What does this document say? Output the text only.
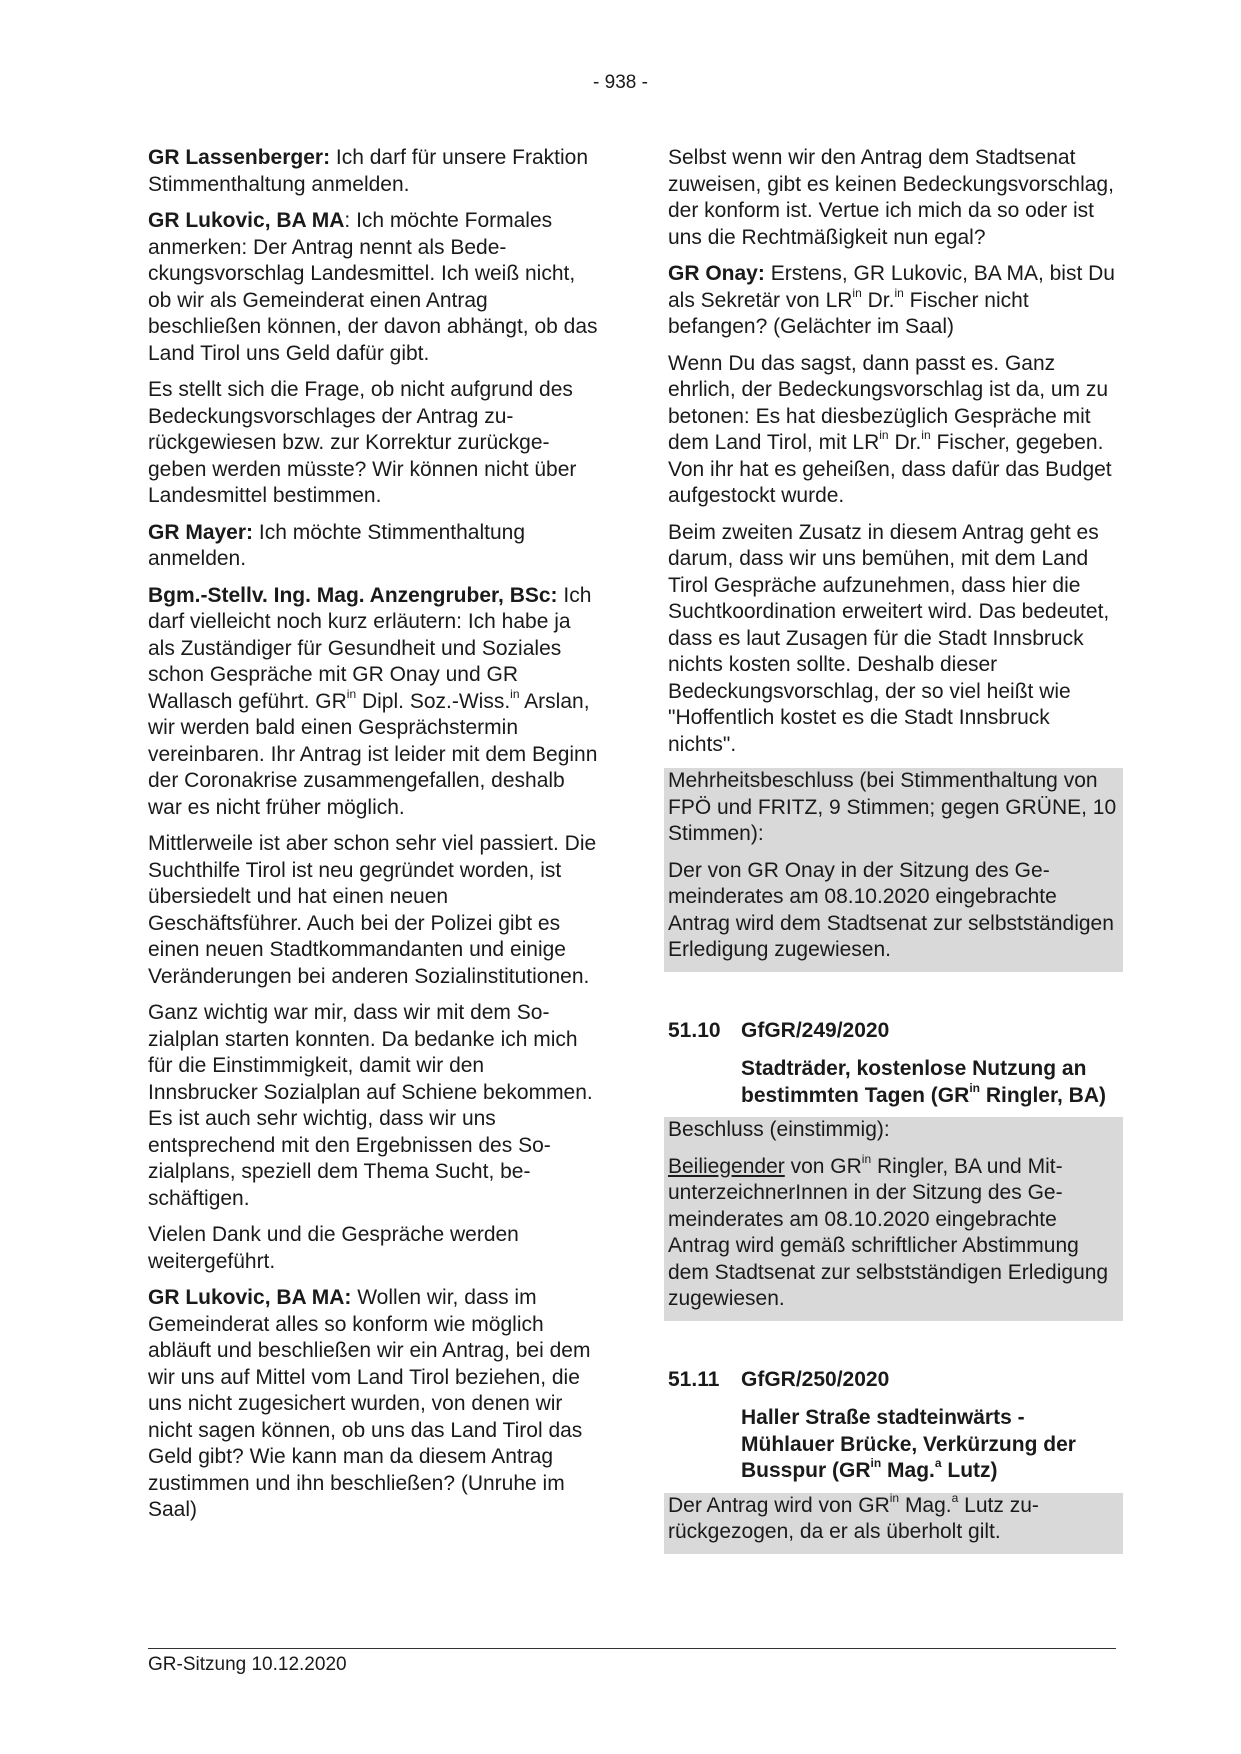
- 938 -

GR Lassenberger: Ich darf für unsere Fraktion Stimmenthaltung anmelden.

GR Lukovic, BA MA: Ich möchte Formales anmerken: Der Antrag nennt als Bedeckungsvorschlag Landesmittel. Ich weiß nicht, ob wir als Gemeinderat einen Antrag beschließen können, der davon abhängt, ob das Land Tirol uns Geld dafür gibt.

Es stellt sich die Frage, ob nicht aufgrund des Bedeckungsvorschlages der Antrag zurückgewiesen bzw. zur Korrektur zurückgegeben werden müsste? Wir können nicht über Landesmittel bestimmen.

GR Mayer: Ich möchte Stimmenthaltung anmelden.

Bgm.-Stellv. Ing. Mag. Anzengruber, BSc: Ich darf vielleicht noch kurz erläutern: Ich habe ja als Zuständiger für Gesundheit und Soziales schon Gespräche mit GR Onay und GR Wallasch geführt. $GR^{in}$ Dipl. Soz.-Wiss.$^{in}$ Arslan, wir werden bald einen Gesprächstermin vereinbaren. Ihr Antrag ist leider mit dem Beginn der Coronakrise zusammengefallen, deshalb war es nicht früher möglich.

Mittlerweile ist aber schon sehr viel passiert. Die Suchthilfe Tirol ist neu gegründet worden, ist übersiedelt und hat einen neuen Geschäftsführer. Auch bei der Polizei gibt es einen neuen Stadtkommandanten und einige Veränderungen bei anderen Sozialinstitutionen.

Ganz wichtig war mir, dass wir mit dem Sozialplan starten konnten. Da bedanke ich mich für die Einstimmigkeit, damit wir den Innsbrucker Sozialplan auf Schiene bekommen. Es ist auch sehr wichtig, dass wir uns entsprechend mit den Ergebnissen des Sozialplans, speziell dem Thema Sucht, beschäftigen.

Vielen Dank und die Gespräche werden weitergeführt.

GR Lukovic, BA MA: Wollen wir, dass im Gemeinderat alles so konform wie möglich abläuft und beschließen wir ein Antrag, bei dem wir uns auf Mittel vom Land Tirol beziehen, die uns nicht zugesichert wurden, von denen wir nicht sagen können, ob uns das Land Tirol das Geld gibt? Wie kann man da diesem Antrag zustimmen und ihn beschließen? (Unruhe im Saal)

Selbst wenn wir den Antrag dem Stadtsenat zuweisen, gibt es keinen Bedeckungsvorschlag, der konform ist. Vertue ich mich da so oder ist uns die Rechtmäßigkeit nun egal?

GR Onay: Erstens, GR Lukovic, BA MA, bist Du als Sekretär von $LR^{in}$ Dr.$^{in}$ Fischer nicht befangen? (Gelächter im Saal)

Wenn Du das sagst, dann passt es. Ganz ehrlich, der Bedeckungsvorschlag ist da, um zu betonen: Es hat diesbezüglich Gespräche mit dem Land Tirol, mit $LR^{in}$ Dr.$^{in}$ Fischer, gegeben. Von ihr hat es geheißen, dass dafür das Budget aufgestockt wurde.

Beim zweiten Zusatz in diesem Antrag geht es darum, dass wir uns bemühen, mit dem Land Tirol Gespräche aufzunehmen, dass hier die Suchtkoordination erweitert wird. Das bedeutet, dass es laut Zusagen für die Stadt Innsbruck nichts kosten sollte. Deshalb dieser Bedeckungsvorschlag, der so viel heißt wie "Hoffentlich kostet es die Stadt Innsbruck nichts".

Mehrheitsbeschluss (bei Stimmenthaltung von FPÖ und FRITZ, 9 Stimmen; gegen GRÜNE, 10 Stimmen):

Der von GR Onay in der Sitzung des Gemeinderates am 08.10.2020 eingebrachte Antrag wird dem Stadtsenat zur selbstständigen Erledigung zugewiesen.

51.10 GfGR/249/2020
Stadträder, kostenlose Nutzung an bestimmten Tagen ($GR^{in}$ Ringler, BA)

Beschluss (einstimmig):

Beiliegender von $GR^{in}$ Ringler, BA und MitunterzeichnerInnen in der Sitzung des Gemeinderates am 08.10.2020 eingebrachte Antrag wird gemäß schriftlicher Abstimmung dem Stadtsenat zur selbstständigen Erledigung zugewiesen.

51.11	GfGR/250/2020
Haller Straße stadteinwärts - Mühlauer Brücke, Verkürzung der Busspur ($GR^{in}$ Mag.$^a$ Lutz)

Der Antrag wird von $GR^{in}$ Mag.$^a$ Lutz zurückgezogen, da er als überholt gilt.

GR-Sitzung 10.12.2020
